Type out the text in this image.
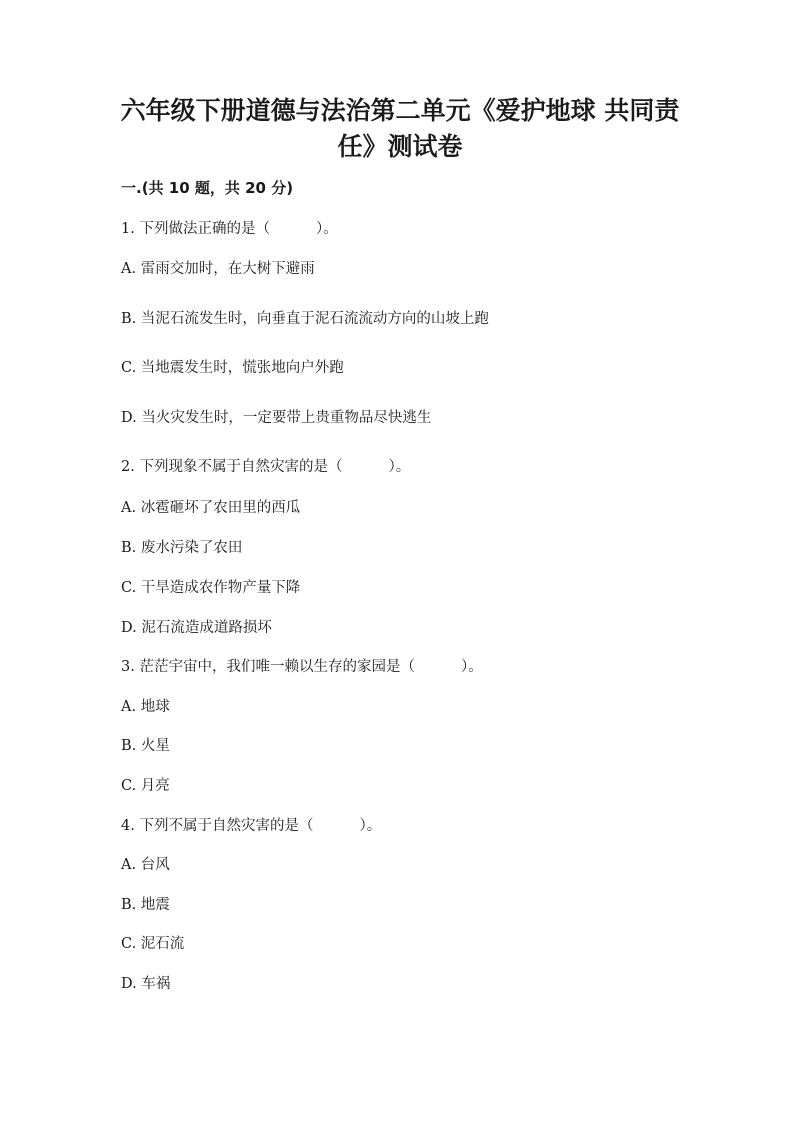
六年级下册道德与法治第二单元《爱护地球 共同责
任》测试卷
一.(共 10 题，共 20 分)
1. 下列做法正确的是（          ）。
A. 雷雨交加时，在大树下避雨
B. 当泥石流发生时，向垂直于泥石流流动方向的山坡上跑
C. 当地震发生时，慌张地向户外跑
D. 当火灾发生时，一定要带上贵重物品尽快逃生
2. 下列现象不属于自然灾害的是（          ）。
A. 冰雹砸坏了农田里的西瓜
B. 废水污染了农田
C. 干旱造成农作物产量下降
D. 泥石流造成道路损坏
3. 茫茫宇宙中，我们唯一赖以生存的家园是（          ）。
A. 地球
B. 火星
C. 月亮
4. 下列不属于自然灾害的是（          ）。
A. 台风
B. 地震
C. 泥石流
D. 车祸
